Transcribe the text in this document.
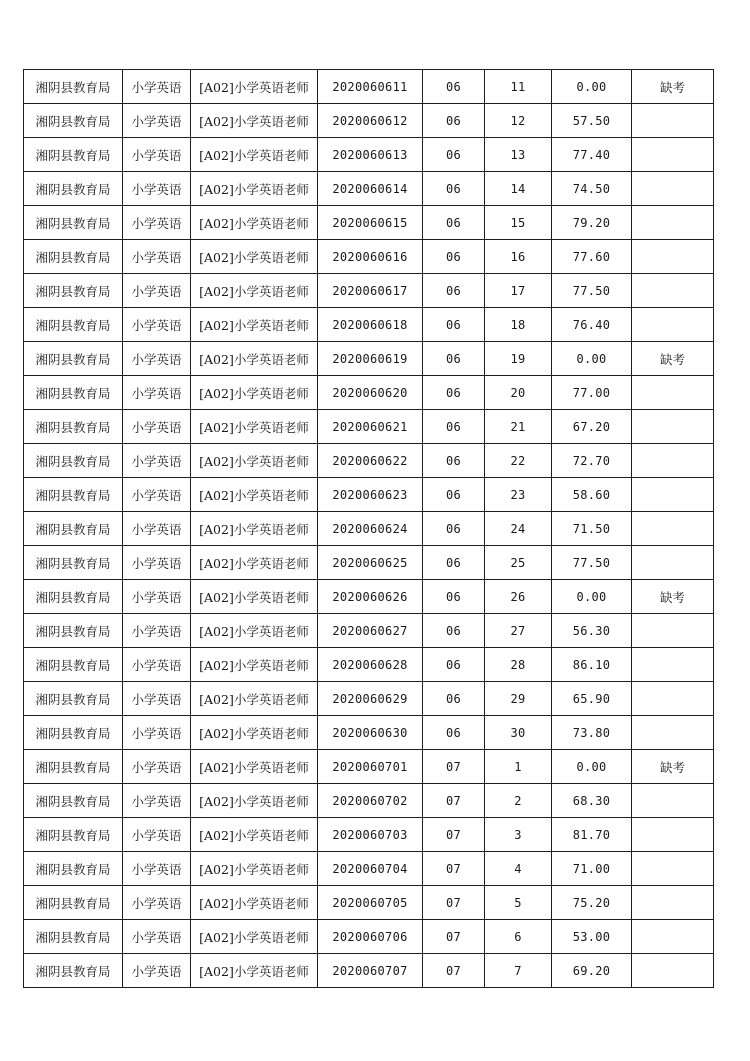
湘阴县教育局	小学英语	[A02]小学英语老师	2020060611	06	11	0.00	缺考
湘阴县教育局	小学英语	[A02]小学英语老师	2020060612	06	12	57.50	
湘阴县教育局	小学英语	[A02]小学英语老师	2020060613	06	13	77.40	
湘阴县教育局	小学英语	[A02]小学英语老师	2020060614	06	14	74.50	
湘阴县教育局	小学英语	[A02]小学英语老师	2020060615	06	15	79.20	
湘阴县教育局	小学英语	[A02]小学英语老师	2020060616	06	16	77.60	
湘阴县教育局	小学英语	[A02]小学英语老师	2020060617	06	17	77.50	
湘阴县教育局	小学英语	[A02]小学英语老师	2020060618	06	18	76.40	
湘阴县教育局	小学英语	[A02]小学英语老师	2020060619	06	19	0.00	缺考
湘阴县教育局	小学英语	[A02]小学英语老师	2020060620	06	20	77.00	
湘阴县教育局	小学英语	[A02]小学英语老师	2020060621	06	21	67.20	
湘阴县教育局	小学英语	[A02]小学英语老师	2020060622	06	22	72.70	
湘阴县教育局	小学英语	[A02]小学英语老师	2020060623	06	23	58.60	
湘阴县教育局	小学英语	[A02]小学英语老师	2020060624	06	24	71.50	
湘阴县教育局	小学英语	[A02]小学英语老师	2020060625	06	25	77.50	
湘阴县教育局	小学英语	[A02]小学英语老师	2020060626	06	26	0.00	缺考
湘阴县教育局	小学英语	[A02]小学英语老师	2020060627	06	27	56.30	
湘阴县教育局	小学英语	[A02]小学英语老师	2020060628	06	28	86.10	
湘阴县教育局	小学英语	[A02]小学英语老师	2020060629	06	29	65.90	
湘阴县教育局	小学英语	[A02]小学英语老师	2020060630	06	30	73.80	
湘阴县教育局	小学英语	[A02]小学英语老师	2020060701	07	1	0.00	缺考
湘阴县教育局	小学英语	[A02]小学英语老师	2020060702	07	2	68.30	
湘阴县教育局	小学英语	[A02]小学英语老师	2020060703	07	3	81.70	
湘阴县教育局	小学英语	[A02]小学英语老师	2020060704	07	4	71.00	
湘阴县教育局	小学英语	[A02]小学英语老师	2020060705	07	5	75.20	
湘阴县教育局	小学英语	[A02]小学英语老师	2020060706	07	6	53.00	
湘阴县教育局	小学英语	[A02]小学英语老师	2020060707	07	7	69.20	
